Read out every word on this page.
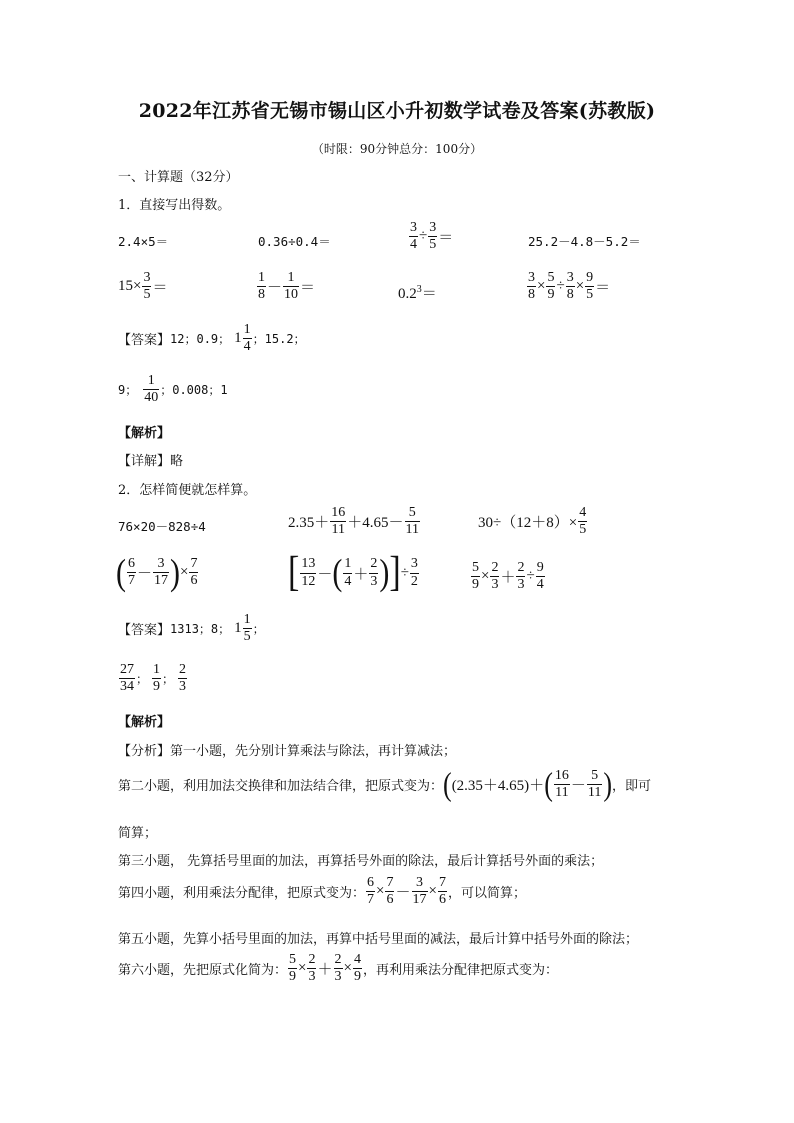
2022年江苏省无锡市锡山区小升初数学试卷及答案(苏教版)
（时限：90分钟总分：100分）
一、计算题（32分）
1．直接写出得数。
2.4×5＝	0.36÷0.4＝	$\frac{3}{4} \div \frac{3}{5}$ ＝	25.2－4.8－5.2＝
$15\times \frac{3}{5}$ ＝	$\frac{1}{8} - \frac{1}{10}$ ＝	$0.2^3=$	$\frac{3}{8} \times \frac{5}{9} \div \frac{3}{8} \times \frac{9}{5}$ ＝
【答案】 12；0.9； $1 \frac{1}{4}$ ；15.2；
9； $\frac{1}{40}$ ；0.008；1
【解析】
【详解】略
2．怎样简便就怎样算。
76×20－828÷4	$2.35+ \frac{16}{11} +4.65- \frac{5}{11}$	$30\div(12+8)\times \frac{4}{5}$
( $\frac{6}{7} - \frac{3}{17}$ ) × $\frac{7}{6}$	[ $\frac{13}{12}$ － ( $\frac{1}{4} + \frac{2}{3}$ ) ] ÷ $\frac{3}{2}$	$\frac{5}{9} \times \frac{2}{3} + \frac{2}{3} \div \frac{9}{4}$
【答案】 1313；8； $1 \frac{1}{5}$ ；
$\frac{27}{34}$ ； $\frac{1}{9}$ ； $\frac{2}{3}$
【解析】
【分析】第一小题，先分别计算乘法与除法，再计算减法；
第二小题，利用加法交换律和加法结合律，把原式变为： ( (2.35＋4.65)＋ ( $\frac{16}{11} - \frac{5}{11}$ ) ，即可
简算；
第三小题， 先算括号里面的加法，再算括号外面的除法，最后计算括号外面的乘法；
第四小题，利用乘法分配律，把原式变为： $\frac{6}{7} \times \frac{7}{6} - \frac{3}{17} \times \frac{7}{6}$ ，可以简算；
第五小题，先算小括号里面的加法，再算中括号里面的减法，最后计算中括号外面的除法；
第六小题，先把原式化简为： $\frac{5}{9} \times \frac{2}{3} + \frac{2}{3} \times \frac{4}{9}$ ，再利用乘法分配律把原式变为：
